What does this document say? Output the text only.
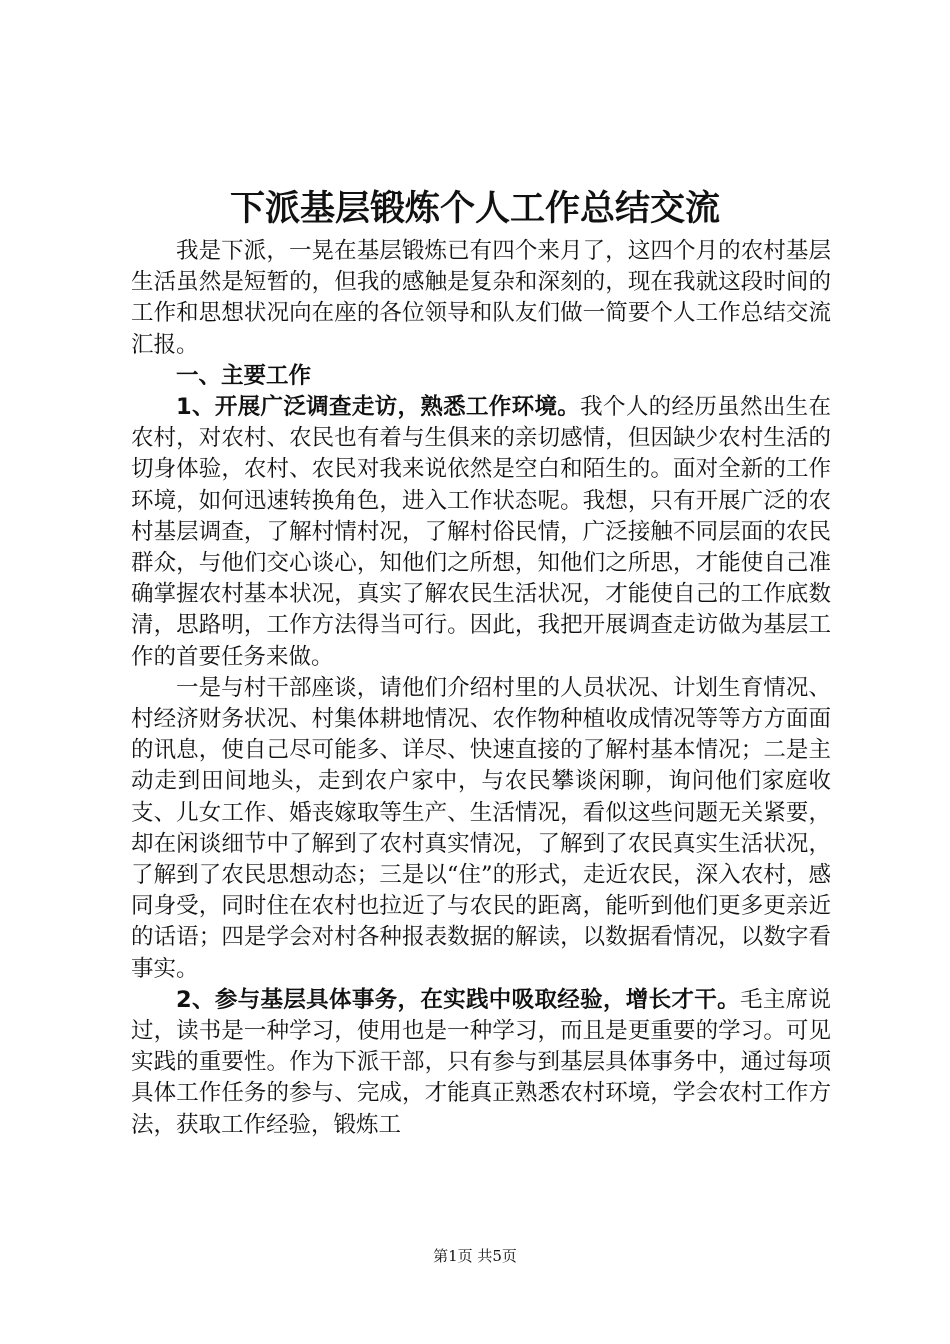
下派基层锻炼个人工作总结交流

我是下派，一晃在基层锻炼已有四个来月了，这四个月的农村基层生活虽然是短暂的，但我的感触是复杂和深刻的，现在我就这段时间的工作和思想状况向在座的各位领导和队友们做一简要个人工作总结交流汇报。

一、主要工作

1、开展广泛调查走访，熟悉工作环境。我个人的经历虽然出生在农村，对农村、农民也有着与生俱来的亲切感情，但因缺少农村生活的切身体验，农村、农民对我来说依然是空白和陌生的。面对全新的工作环境，如何迅速转换角色，进入工作状态呢。我想，只有开展广泛的农村基层调查，了解村情村况，了解村俗民情，广泛接触不同层面的农民群众，与他们交心谈心，知他们之所想，知他们之所思，才能使自己准确掌握农村基本状况，真实了解农民生活状况，才能使自己的工作底数清，思路明，工作方法得当可行。因此，我把开展调查走访做为基层工作的首要任务来做。

一是与村干部座谈，请他们介绍村里的人员状况、计划生育情况、村经济财务状况、村集体耕地情况、农作物种植收成情况等等方方面面的讯息，使自己尽可能多、详尽、快速直接的了解村基本情况；二是主动走到田间地头，走到农户家中，与农民攀谈闲聊，询问他们家庭收支、儿女工作、婚丧嫁取等生产、生活情况，看似这些问题无关紧要，却在闲谈细节中了解到了农村真实情况，了解到了农民真实生活状况，了解到了农民思想动态；三是以“住”的形式，走近农民，深入农村，感同身受，同时住在农村也拉近了与农民的距离，能听到他们更多更亲近的话语；四是学会对村各种报表数据的解读，以数据看情况，以数字看事实。

2、参与基层具体事务，在实践中吸取经验，增长才干。毛主席说过，读书是一种学习，使用也是一种学习，而且是更重要的学习。可见实践的重要性。作为下派干部，只有参与到基层具体事务中，通过每项具体工作任务的参与、完成，才能真正熟悉农村环境，学会农村工作方法，获取工作经验，锻炼工

第1页 共5页
